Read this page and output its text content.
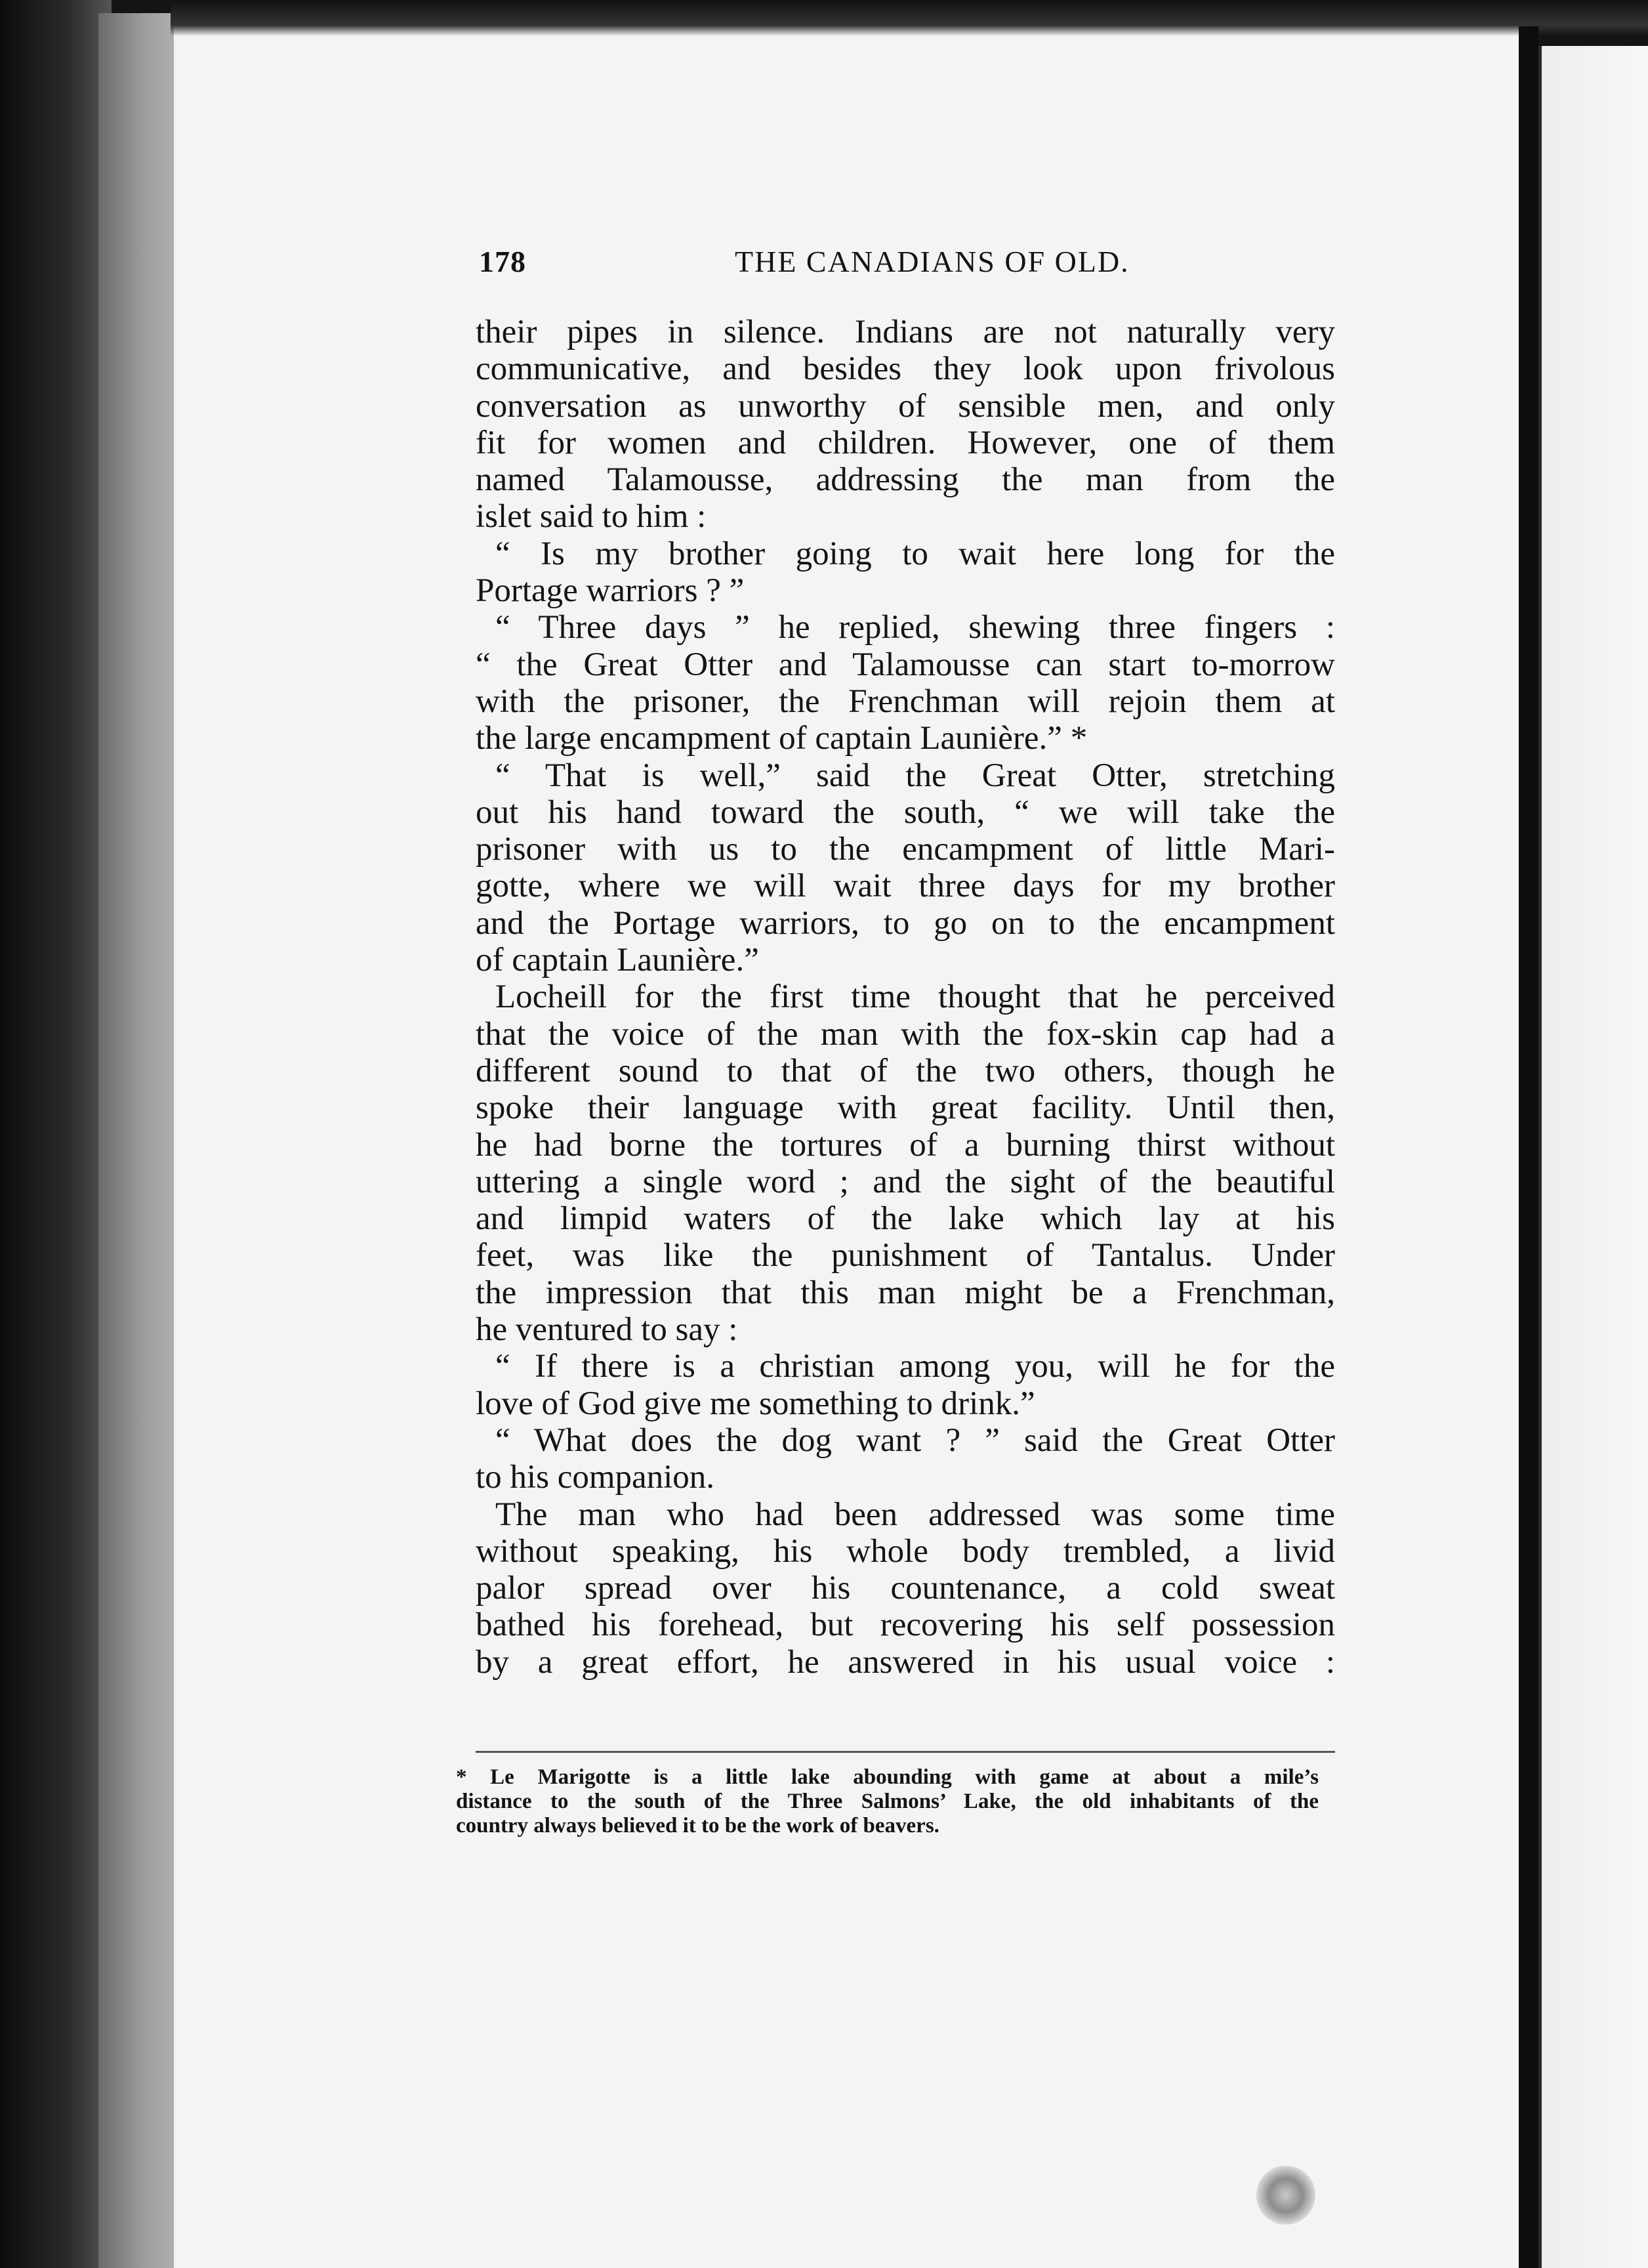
178	THE CANADIANS OF OLD.
their pipes in silence. Indians are not naturally very
communicative, and besides they look upon frivolous
conversation as unworthy of sensible men, and only
fit for women and children. However, one of them
named Talamousse, addressing the man from the
islet said to him :
“ Is my brother going to wait here long for the
Portage warriors ? ”
“ Three days ” he replied, shewing three fingers :
“ the Great Otter and Talamousse can start to-morrow
with the prisoner, the Frenchman will rejoin them at
the large encampment of captain Launière.” *
“ That is well,” said the Great Otter, stretching
out his hand toward the south, “ we will take the
prisoner with us to the encampment of little Mari-
gotte, where we will wait three days for my brother
and the Portage warriors, to go on to the encampment
of captain Launière.”
Locheill for the first time thought that he perceived
that the voice of the man with the fox-skin cap had a
different sound to that of the two others, though he
spoke their language with great facility. Until then,
he had borne the tortures of a burning thirst without
uttering a single word ; and the sight of the beautiful
and limpid waters of the lake which lay at his
feet, was like the punishment of Tantalus. Under
the impression that this man might be a Frenchman,
he ventured to say :
“ If there is a christian among you, will he for the
love of God give me something to drink.”
“ What does the dog want ? ” said the Great Otter
to his companion.
The man who had been addressed was some time
without speaking, his whole body trembled, a livid
palor spread over his countenance, a cold sweat
bathed his forehead, but recovering his self possession
by a great effort, he answered in his usual voice :
* Le Marigotte is a little lake abounding with game at about a mile’s
distance to the south of the Three Salmons’ Lake, the old inhabitants of the
country always believed it to be the work of beavers.
